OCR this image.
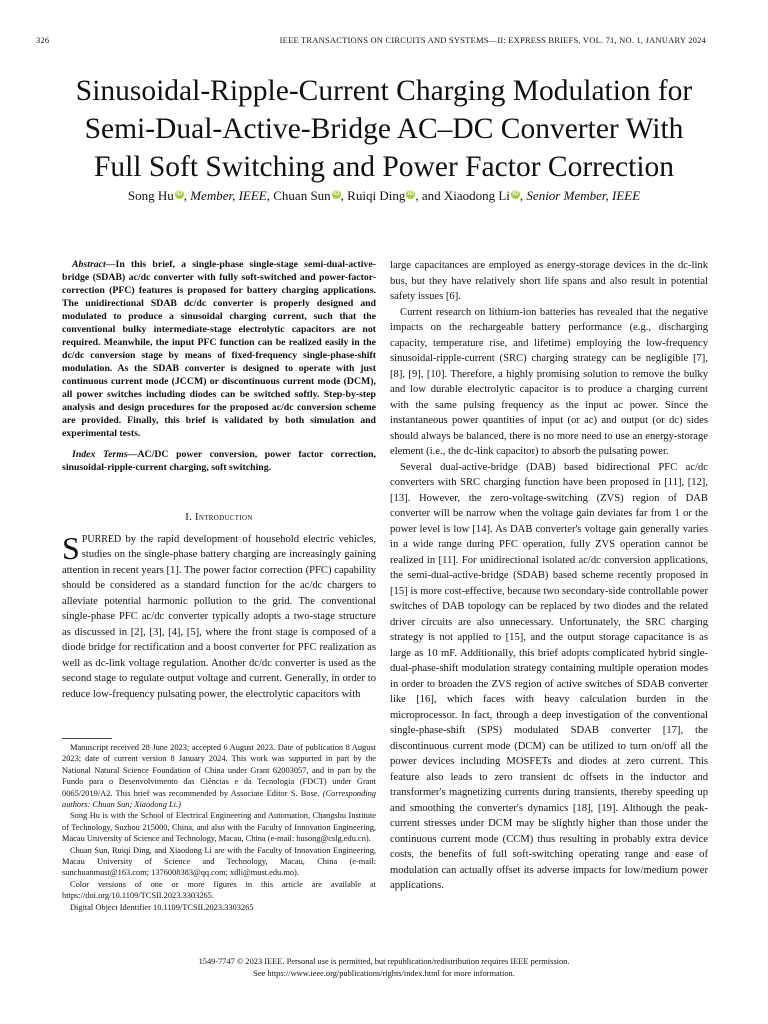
326	IEEE TRANSACTIONS ON CIRCUITS AND SYSTEMS—II: EXPRESS BRIEFS, VOL. 71, NO. 1, JANUARY 2024
Sinusoidal-Ripple-Current Charging Modulation for
Semi-Dual-Active-Bridge AC–DC Converter With
Full Soft Switching and Power Factor Correction
Song Hu iD , Member, IEEE, Chuan Sun iD , Ruiqi Ding iD , and Xiaodong Li iD , Senior Member, IEEE

Abstract—In this brief, a single-phase single-stage semi-dual-active-bridge (SDAB) ac/dc converter with fully soft-switched and power-factor-correction (PFC) features is proposed for battery charging applications. The unidirectional SDAB dc/dc converter is properly designed and modulated to produce a sinusoidal charging current, such that the conventional bulky intermediate-stage electrolytic capacitors are not required. Meanwhile, the input PFC function can be realized easily in the dc/dc conversion stage by means of fixed-frequency single-phase-shift modulation. As the SDAB converter is designed to operate with just continuous current mode (JCCM) or discontinuous current mode (DCM), all power switches including diodes can be switched softly. Step-by-step analysis and design procedures for the proposed ac/dc conversion scheme are provided. Finally, this brief is validated by both simulation and experimental tests.

Index Terms—AC/DC power conversion, power factor correction, sinusoidal-ripple-current charging, soft switching.

I. Introduction

SPURRED by the rapid development of household electric vehicles, studies on the single-phase battery charging are increasingly gaining attention in recent years [1]. The power factor correction (PFC) capability should be considered as a standard function for the ac/dc chargers to alleviate potential harmonic pollution to the grid. The conventional single-phase PFC ac/dc converter typically adopts a two-stage structure as discussed in [2], [3], [4], [5], where the front stage is composed of a diode bridge for rectification and a boost converter for PFC realization as well as dc-link voltage regulation. Another dc/dc converter is used as the second stage to regulate output voltage and current. Generally, in order to reduce low-frequency pulsating power, the electrolytic capacitors with

large capacitances are employed as energy-storage devices in the dc-link bus, but they have relatively short life spans and also result in potential safety issues [6].

Current research on lithium-ion batteries has revealed that the negative impacts on the rechargeable battery performance (e.g., discharging capacity, temperature rise, and lifetime) employing the low-frequency sinusoidal-ripple-current (SRC) charging strategy can be negligible [7], [8], [9], [10]. Therefore, a highly promising solution to remove the bulky and low durable electrolytic capacitor is to produce a charging current with the same pulsing frequency as the input ac power. Since the instantaneous power quantities of input (or ac) and output (or dc) sides should always be balanced, there is no more need to use an energy-storage element (i.e., the dc-link capacitor) to absorb the pulsating power.

Several dual-active-bridge (DAB) based bidirectional PFC ac/dc converters with SRC charging function have been proposed in [11], [12], [13]. However, the zero-voltage-switching (ZVS) region of DAB converter will be narrow when the voltage gain deviates far from 1 or the power level is low [14]. As DAB converter's voltage gain generally varies in a wide range during PFC operation, fully ZVS operation cannot be realized in [11]. For unidirectional isolated ac/dc conversion applications, the semi-dual-active-bridge (SDAB) based scheme recently proposed in [15] is more cost-effective, because two secondary-side controllable power switches of DAB topology can be replaced by two diodes and the related driver circuits are also unnecessary. Unfortunately, the SRC charging strategy is not applied to [15], and the output storage capacitance is as large as 10 mF. Additionally, this brief adopts complicated hybrid single-dual-phase-shift modulation strategy containing multiple operation modes in order to broaden the ZVS region of active switches of SDAB converter like [16], which faces with heavy calculation burden in the microprocessor. In fact, through a deep investigation of the conventional single-phase-shift (SPS) modulated SDAB converter [17], the discontinuous current mode (DCM) can be utilized to turn on/off all the power devices including MOSFETs and diodes at zero current. This feature also leads to zero transient dc offsets in the inductor and transformer's magnetizing currents during transients, thereby speeding up and smoothing the converter's dynamics [18], [19]. Although the peak-current stresses under DCM may be slightly higher than those under the continuous current mode (CCM) thus resulting in probably extra device costs, the benefits of full soft-switching operating range and ease of modulation can actually offset its adverse impacts for low/medium power applications.

Manuscript received 28 June 2023; accepted 6 August 2023. Date of publication 8 August 2023; date of current version 8 January 2024. This work was supported in part by the National Natural Science Foundation of China under Grant 62003057, and in part by the Fundo para o Desenvolvimento das Ciências e da Tecnologia (FDCT) under Grant 0065/2019/A2. This brief was recommended by Associate Editor S. Bose. (Corresponding authors: Chuan Sun; Xiaodong Li.)

Song Hu is with the School of Electrical Engineering and Automation, Changshu Institute of Technology, Suzhou 215000, China, and also with the Faculty of Innovation Engineering, Macau University of Science and Technology, Macau, China (e-mail: husong@cslg.edu.cn).

Chuan Sun, Ruiqi Ding, and Xiaodong Li are with the Faculty of Innovation Engineering, Macau University of Science and Technology, Macau, China (e-mail: sunchuanmust@163.com; 1376008383@qq.com; xdli@must.edu.mo).

Color versions of one or more figures in this article are available at https://doi.org/10.1109/TCSII.2023.3303265.

Digital Object Identifier 10.1109/TCSII.2023.3303265

1549-7747 © 2023 IEEE. Personal use is permitted, but republication/redistribution requires IEEE permission.
See https://www.ieee.org/publications/rights/index.html for more information.
